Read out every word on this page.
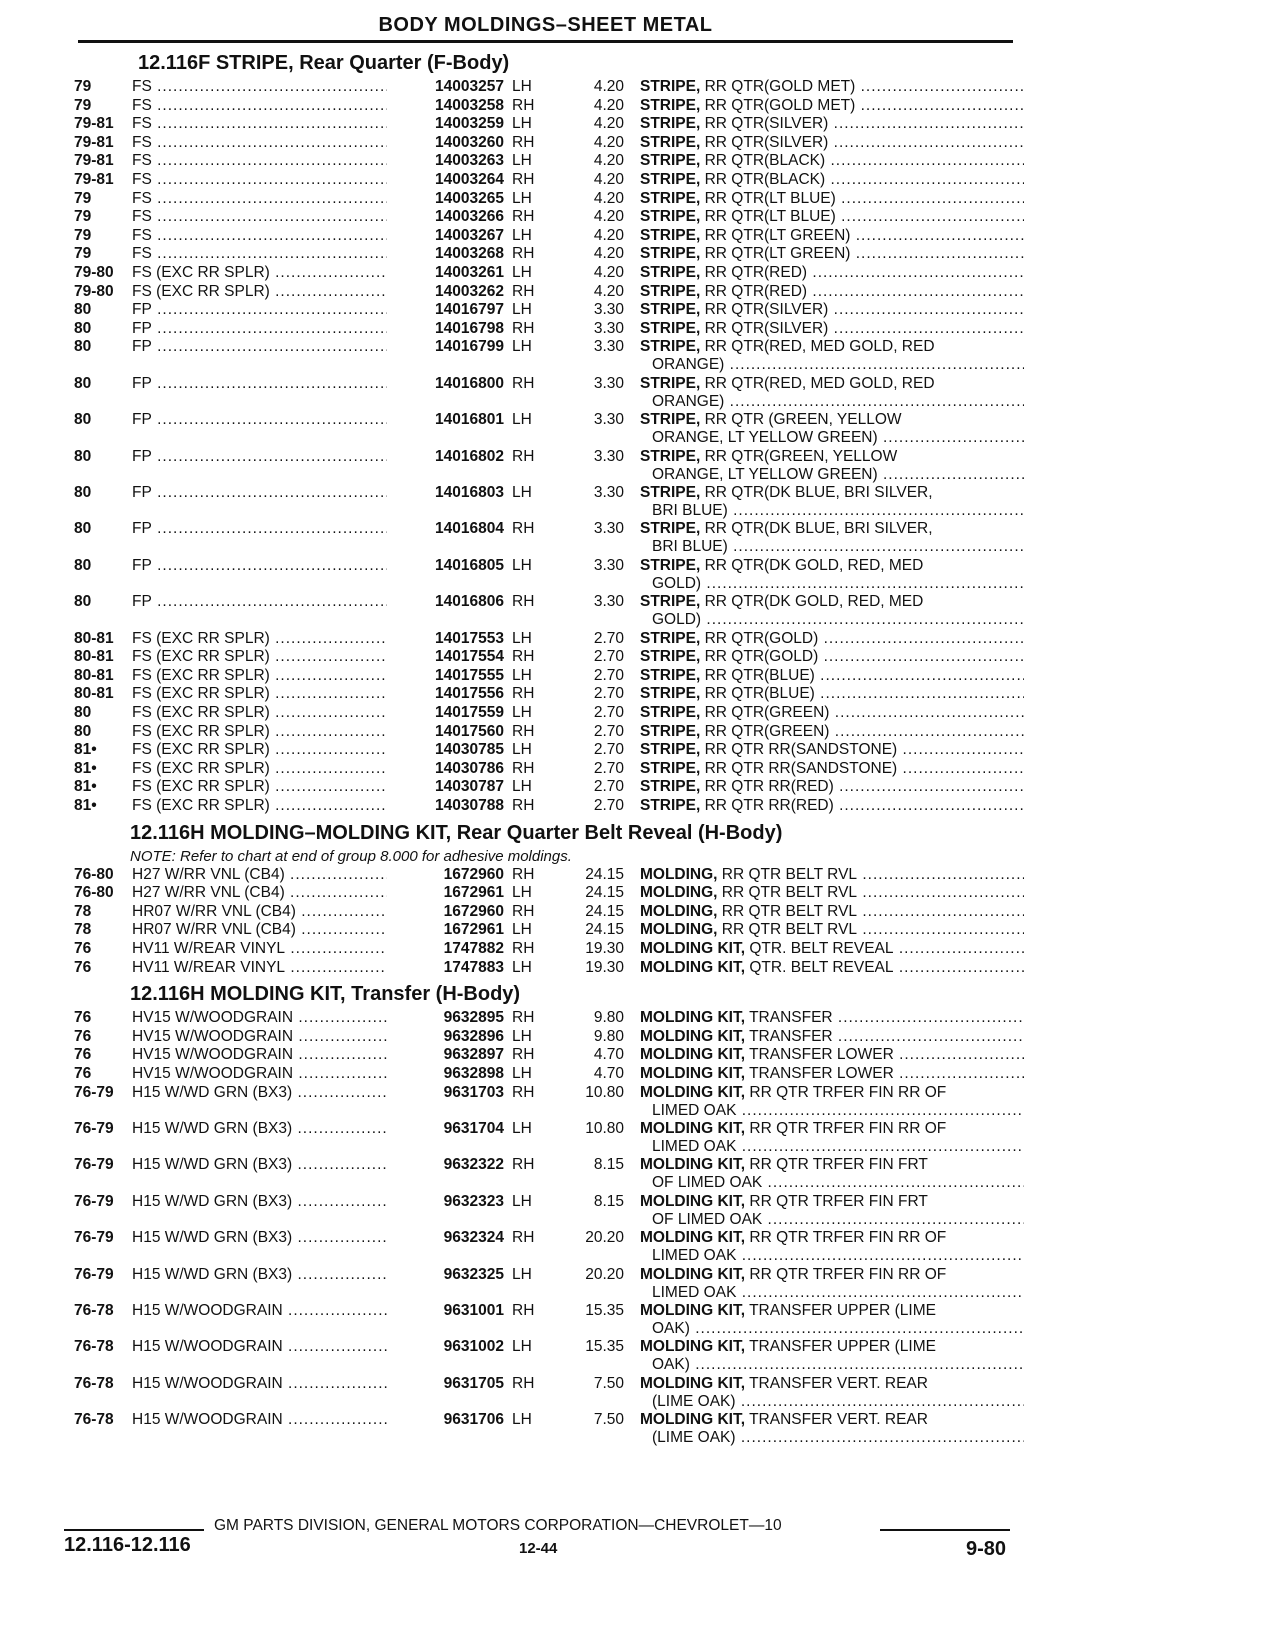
BODY MOLDINGS–SHEET METAL
12.116F STRIPE, Rear Quarter (F-Body)
79	FS .....	14003257 LH	4.20 STRIPE, RR QTR(GOLD MET) .....
79	FS .....	14003258 RH	4.20 STRIPE, RR QTR(GOLD MET) .....
79-81	FS .....	14003259 LH	4.20 STRIPE, RR QTR(SILVER) .....
79-81	FS .....	14003260 RH	4.20 STRIPE, RR QTR(SILVER) .....
79-81	FS .....	14003263 LH	4.20 STRIPE, RR QTR(BLACK) .....
79-81	FS .....	14003264 RH	4.20 STRIPE, RR QTR(BLACK) .....
79	FS .....	14003265 LH	4.20 STRIPE, RR QTR(LT BLUE) .....
79	FS .....	14003266 RH	4.20 STRIPE, RR QTR(LT BLUE) .....
79	FS .....	14003267 LH	4.20 STRIPE, RR QTR(LT GREEN) .....
79	FS .....	14003268 RH	4.20 STRIPE, RR QTR(LT GREEN) .....
79-80	FS (EXC RR SPLR) .....	14003261 LH	4.20 STRIPE, RR QTR(RED) .....
79-80	FS (EXC RR SPLR) .....	14003262 RH	4.20 STRIPE, RR QTR(RED) .....
80	FP .....	14016797 LH	3.30 STRIPE, RR QTR(SILVER) .....
80	FP .....	14016798 RH	3.30 STRIPE, RR QTR(SILVER) .....
80	FP .....	14016799 LH	3.30 STRIPE, RR QTR(RED, MED GOLD, RED
ORANGE) .....
80	FP .....	14016800 RH	3.30 STRIPE, RR QTR(RED, MED GOLD, RED
ORANGE) .....
80	FP .....	14016801 LH	3.30 STRIPE, RR QTR (GREEN, YELLOW
ORANGE, LT YELLOW GREEN) .....
80	FP .....	14016802 RH	3.30 STRIPE, RR QTR(GREEN, YELLOW
ORANGE, LT YELLOW GREEN) .....
80	FP .....	14016803 LH	3.30 STRIPE, RR QTR(DK BLUE, BRI SILVER,
BRI BLUE) .....
80	FP .....	14016804 RH	3.30 STRIPE, RR QTR(DK BLUE, BRI SILVER,
BRI BLUE) .....
80	FP .....	14016805 LH	3.30 STRIPE, RR QTR(DK GOLD, RED, MED
GOLD) .....
80	FP .....	14016806 RH	3.30 STRIPE, RR QTR(DK GOLD, RED, MED
GOLD) .....
80-81	FS (EXC RR SPLR) .....	14017553 LH	2.70 STRIPE, RR QTR(GOLD) .....
80-81	FS (EXC RR SPLR) .....	14017554 RH	2.70 STRIPE, RR QTR(GOLD) .....
80-81	FS (EXC RR SPLR) .....	14017555 LH	2.70 STRIPE, RR QTR(BLUE) .....
80-81	FS (EXC RR SPLR) .....	14017556 RH	2.70 STRIPE, RR QTR(BLUE) .....
80	FS (EXC RR SPLR) .....	14017559 LH	2.70 STRIPE, RR QTR(GREEN) .....
80	FS (EXC RR SPLR) .....	14017560 RH	2.70 STRIPE, RR QTR(GREEN) .....
81•	FS (EXC RR SPLR) .....	14030785 LH	2.70 STRIPE, RR QTR RR(SANDSTONE) .....
81•	FS (EXC RR SPLR) .....	14030786 RH	2.70 STRIPE, RR QTR RR(SANDSTONE) .....
81•	FS (EXC RR SPLR) .....	14030787 LH	2.70 STRIPE, RR QTR RR(RED) .....
81•	FS (EXC RR SPLR) .....	14030788 RH	2.70 STRIPE, RR QTR RR(RED) .....
12.116H MOLDING–MOLDING KIT, Rear Quarter Belt Reveal (H-Body)
NOTE: Refer to chart at end of group 8.000 for adhesive moldings.
76-80	H27 W/RR VNL (CB4) .....	1672960 RH	24.15 MOLDING, RR QTR BELT RVL .....
76-80	H27 W/RR VNL (CB4) .....	1672961 LH	24.15 MOLDING, RR QTR BELT RVL .....
78	HR07 W/RR VNL (CB4) .....	1672960 RH	24.15 MOLDING, RR QTR BELT RVL .....
78	HR07 W/RR VNL (CB4) .....	1672961 LH	24.15 MOLDING, RR QTR BELT RVL .....
76	HV11 W/REAR VINYL .....	1747882 RH	19.30 MOLDING KIT, QTR. BELT REVEAL .....
76	HV11 W/REAR VINYL .....	1747883 LH	19.30 MOLDING KIT, QTR. BELT REVEAL .....
12.116H MOLDING KIT, Transfer (H-Body)
76	HV15 W/WOODGRAIN .....	9632895 RH	9.80 MOLDING KIT, TRANSFER .....
76	HV15 W/WOODGRAIN .....	9632896 LH	9.80 MOLDING KIT, TRANSFER .....
76	HV15 W/WOODGRAIN .....	9632897 RH	4.70 MOLDING KIT, TRANSFER LOWER .....
76	HV15 W/WOODGRAIN .....	9632898 LH	4.70 MOLDING KIT, TRANSFER LOWER .....
76-79	H15 W/WD GRN (BX3) .....	9631703 RH	10.80 MOLDING KIT, RR QTR TRFER FIN RR OF
LIMED OAK .....
76-79	H15 W/WD GRN (BX3) .....	9631704 LH	10.80 MOLDING KIT, RR QTR TRFER FIN RR OF
LIMED OAK .....
76-79	H15 W/WD GRN (BX3) .....	9632322 RH	8.15 MOLDING KIT, RR QTR TRFER FIN FRT
OF LIMED OAK .....
76-79	H15 W/WD GRN (BX3) .....	9632323 LH	8.15 MOLDING KIT, RR QTR TRFER FIN FRT
OF LIMED OAK .....
76-79	H15 W/WD GRN (BX3) .....	9632324 RH	20.20 MOLDING KIT, RR QTR TRFER FIN RR OF
LIMED OAK .....
76-79	H15 W/WD GRN (BX3) .....	9632325 LH	20.20 MOLDING KIT, RR QTR TRFER FIN RR OF
LIMED OAK .....
76-78	H15 W/WOODGRAIN .....	9631001 RH	15.35 MOLDING KIT, TRANSFER UPPER (LIME
OAK) .....
76-78	H15 W/WOODGRAIN .....	9631002 LH	15.35 MOLDING KIT, TRANSFER UPPER (LIME
OAK) .....
76-78	H15 W/WOODGRAIN .....	9631705 RH	7.50 MOLDING KIT, TRANSFER VERT. REAR
(LIME OAK) .....
76-78	H15 W/WOODGRAIN .....	9631706 LH	7.50 MOLDING KIT, TRANSFER VERT. REAR
(LIME OAK) .....
GM PARTS DIVISION, GENERAL MOTORS CORPORATION—CHEVROLET—10
12.116-12.116	12-44	9-80
